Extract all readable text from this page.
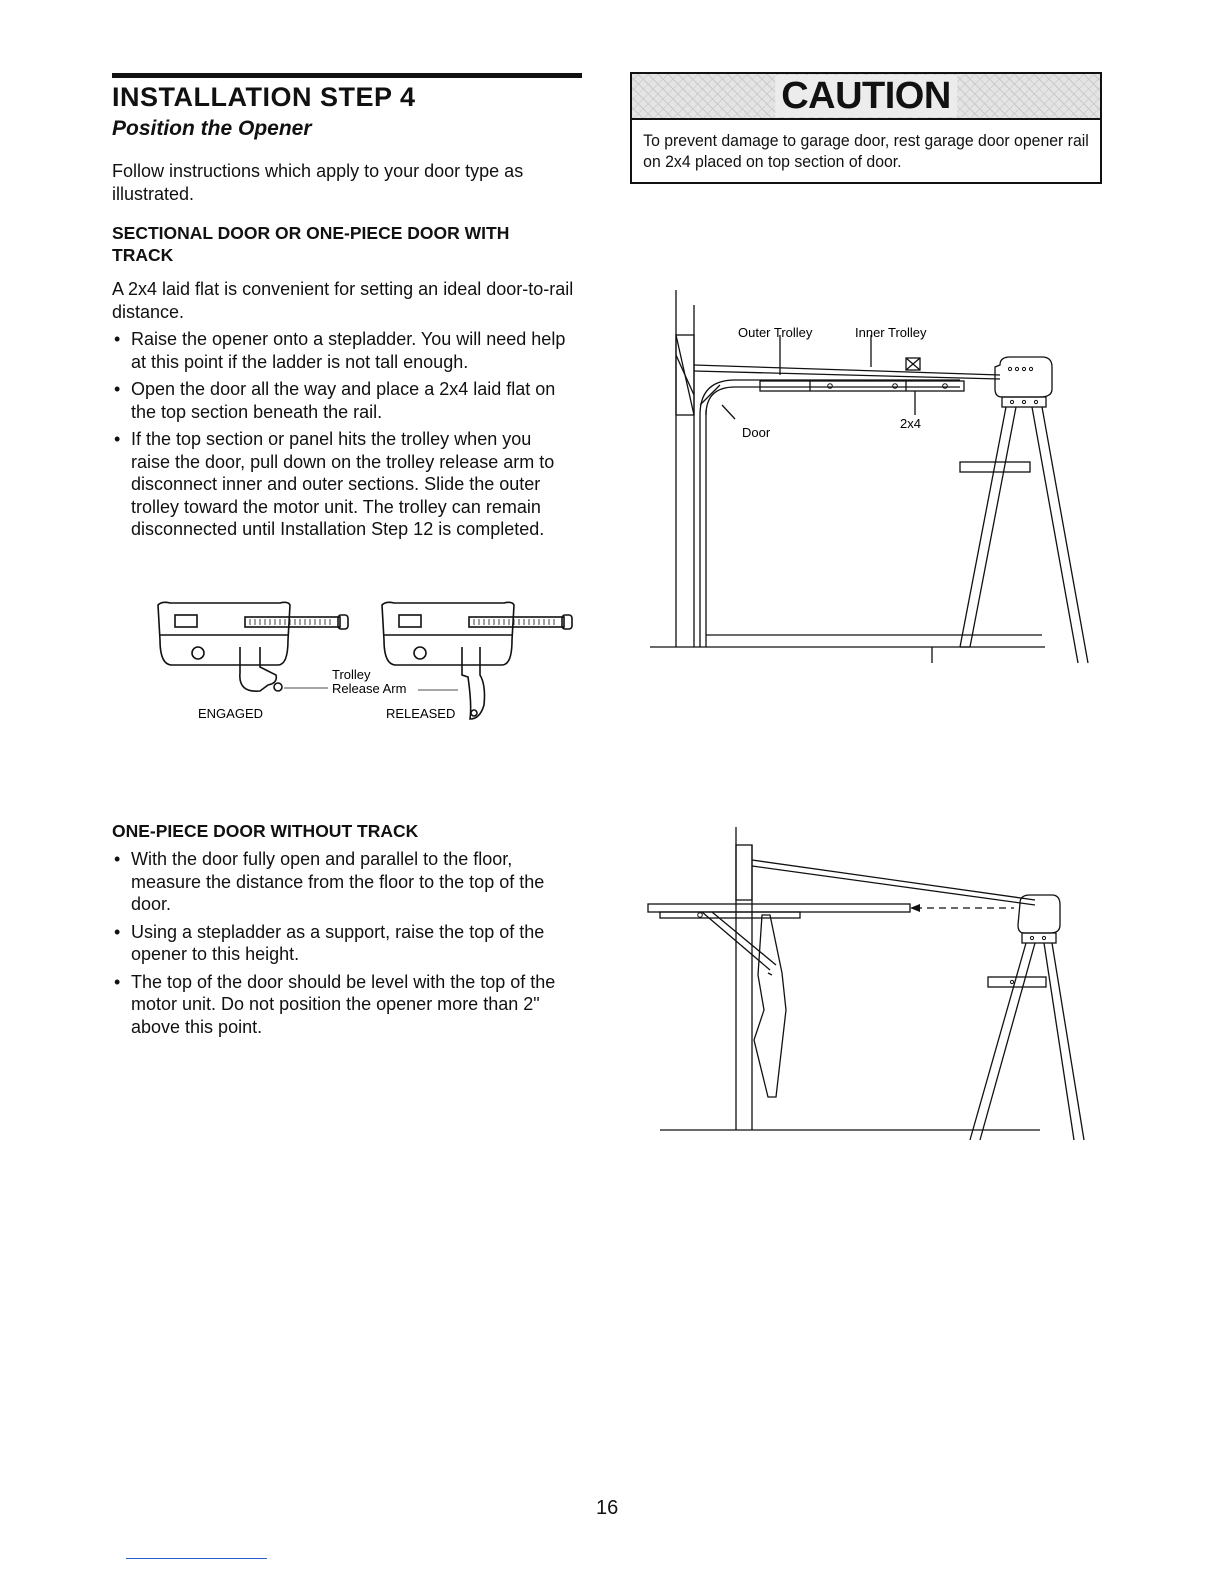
INSTALLATION STEP 4
Position the Opener
Follow instructions which apply to your door type as illustrated.
SECTIONAL DOOR OR ONE-PIECE DOOR WITH
TRACK
A 2x4 laid flat is convenient for setting an ideal door-to-rail distance.
• Raise the opener onto a stepladder. You will need help at this point if the ladder is not tall enough.
• Open the door all the way and place a 2x4 laid flat on the top section beneath the rail.
• If the top section or panel hits the trolley when you raise the door, pull down on the trolley release arm to disconnect inner and outer sections. Slide the outer trolley toward the motor unit. The trolley can remain disconnected until Installation Step 12 is completed.
Trolley
Release Arm
ENGAGED	RELEASED
CAUTION
To prevent damage to garage door, rest garage door opener rail on 2x4 placed on top section of door.
Outer Trolley	Inner Trolley
Door
2x4
ONE-PIECE DOOR WITHOUT TRACK
• With the door fully open and parallel to the floor, measure the distance from the floor to the top of the door.
• Using a stepladder as a support, raise the top of the opener to this height.
• The top of the door should be level with the top of the motor unit. Do not position the opener more than 2" above this point.
16
